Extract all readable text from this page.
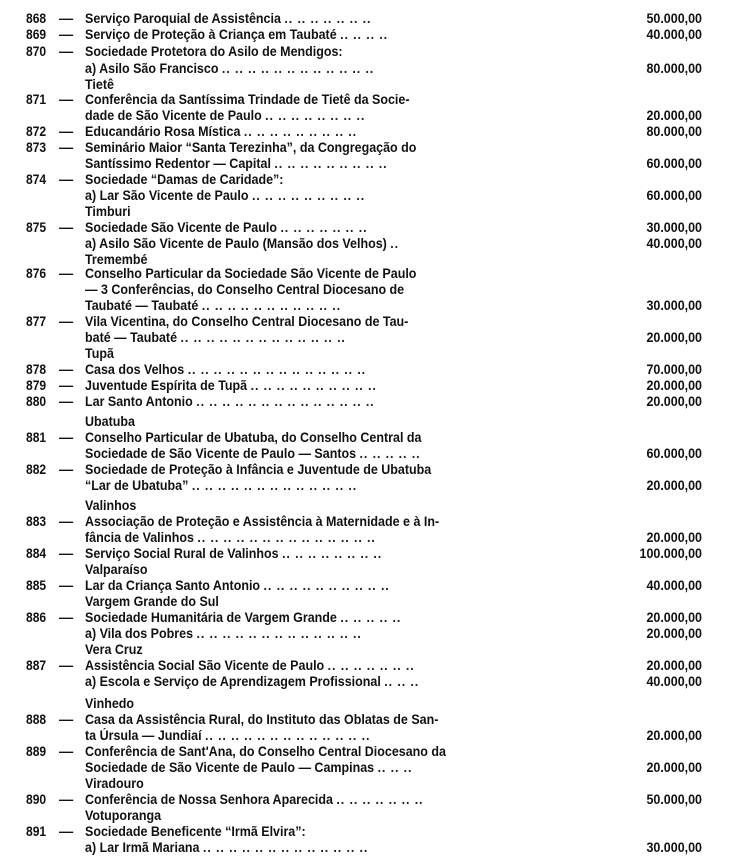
868 — Serviço Paroquial de Assistência .. .. .. .. .. .. ..	50.000,00
869 — Serviço de Proteção à Criança em Taubaté .. .. .. ..	40.000,00
870 — Sociedade Protetora do Asilo de Mendigos:
a) Asilo São Francisco .. .. .. .. .. .. .. .. .. .. .. ..	80.000,00
Tietê
871 — Conferência da Santíssima Trindade de Tietê da Socie-
dade de São Vicente de Paulo .. .. .. .. .. .. .. ..	20.000,00
872 — Educandário Rosa Mística .. .. .. .. .. .. .. .. ..	80.000,00
873 — Seminário Maior “Santa Terezinha”, da Congregação do
Santíssimo Redentor — Capital .. .. .. .. .. .. .. .. ..	60.000,00
874 — Sociedade “Damas de Caridade”:
a) Lar São Vicente de Paulo .. .. .. .. .. .. .. .. ..	60.000,00
Timburi
875 — Sociedade São Vicente de Paulo .. .. .. .. .. .. ..	30.000,00
a) Asilo São Vicente de Paulo (Mansão dos Velhos) ..	40.000,00
Tremembé
876 — Conselho Particular da Sociedade São Vicente de Paulo
— 3 Conferências, do Conselho Central Diocesano de
Taubaté — Taubaté .. .. .. .. .. .. .. .. .. .. ..	30.000,00
877 — Vila Vicentina, do Conselho Central Diocesano de Tau-
baté — Taubaté .. .. .. .. .. .. .. .. .. .. .. .. ..	20.000,00
Tupã
878 — Casa dos Velhos .. .. .. .. .. .. .. .. .. .. .. .. .. ..	70.000,00
879 — Juventude Espírita de Tupã .. .. .. .. .. .. .. .. .. ..	20.000,00
880 — Lar Santo Antonio .. .. .. .. .. .. .. .. .. .. .. .. .. ..	20.000,00
Ubatuba
881 — Conselho Particular de Ubatuba, do Conselho Central da
Sociedade de São Vicente de Paulo — Santos .. .. .. .. ..	60.000,00
882 — Sociedade de Proteção à Infância e Juventude de Ubatuba
“Lar de Ubatuba” .. .. .. .. .. .. .. .. .. .. .. .. ..	20.000,00
Valinhos
883 — Associação de Proteção e Assistência à Maternidade e à In-
fância de Valinhos .. .. .. .. .. .. .. .. .. .. .. .. .. ..	20.000,00
884 — Serviço Social Rural de Valinhos .. .. .. .. .. .. .. ..	100.000,00
Valparaíso
885 — Lar da Criança Santo Antonio .. .. .. .. .. .. .. .. .. ..	40.000,00
Vargem Grande do Sul
886 — Sociedade Humanitária de Vargem Grande .. .. .. .. ..	20.000,00
a) Vila dos Pobres .. .. .. .. .. .. .. .. .. .. .. .. ..	20.000,00
Vera Cruz
887 — Assistência Social São Vicente de Paulo .. .. .. .. .. .. ..	20.000,00
a) Escola e Serviço de Aprendizagem Profissional .. .. ..	40.000,00
Vinhedo
888 — Casa da Assistência Rural, do Instituto das Oblatas de San-
ta Úrsula — Jundiaí .. .. .. .. .. .. .. .. .. .. .. .. ..	20.000,00
889 — Conferência de Sant'Ana, do Conselho Central Diocesano da
Sociedade de São Vicente de Paulo — Campinas .. .. ..	20.000,00
Viradouro
890 — Conferência de Nossa Senhora Aparecida .. .. .. .. .. .. ..	50.000,00
Votuporanga
891 — Sociedade Beneficente “Irmã Elvira”:
a) Lar Irmã Mariana .. .. .. .. .. .. .. .. .. .. .. .. ..	30.000,00
